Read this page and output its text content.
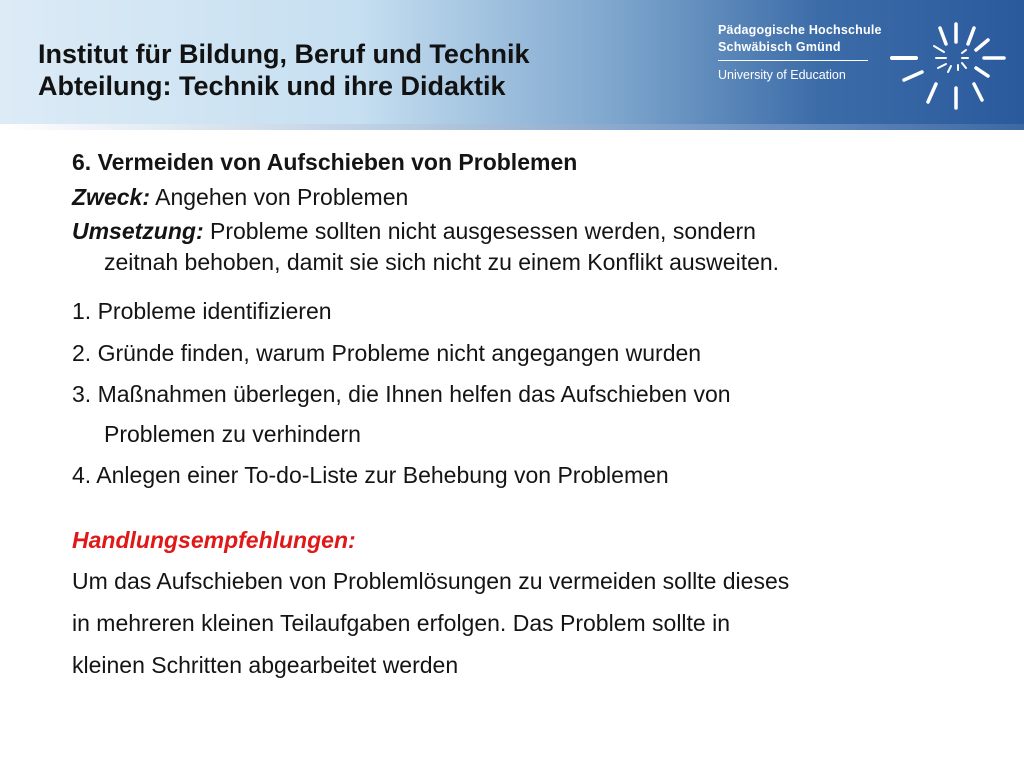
Institut für Bildung, Beruf und Technik
Abteilung: Technik und ihre Didaktik
Pädagogische Hochschule
Schwäbisch Gmünd
University of Education
6. Vermeiden von Aufschieben von Problemen
Zweck: Angehen von Problemen
Umsetzung: Probleme sollten nicht ausgesessen werden, sondern
zeitnah behoben, damit sie sich nicht zu einem Konflikt ausweiten.
1. Probleme identifizieren
2. Gründe finden, warum Probleme nicht angegangen wurden
3. Maßnahmen überlegen, die Ihnen helfen das Aufschieben von
Problemen zu verhindern
4. Anlegen einer To-do-Liste zur Behebung von Problemen
Handlungsempfehlungen:
Um das Aufschieben von Problemlösungen zu vermeiden sollte dieses
in mehreren kleinen Teilaufgaben erfolgen. Das Problem sollte in
kleinen Schritten abgearbeitet werden
